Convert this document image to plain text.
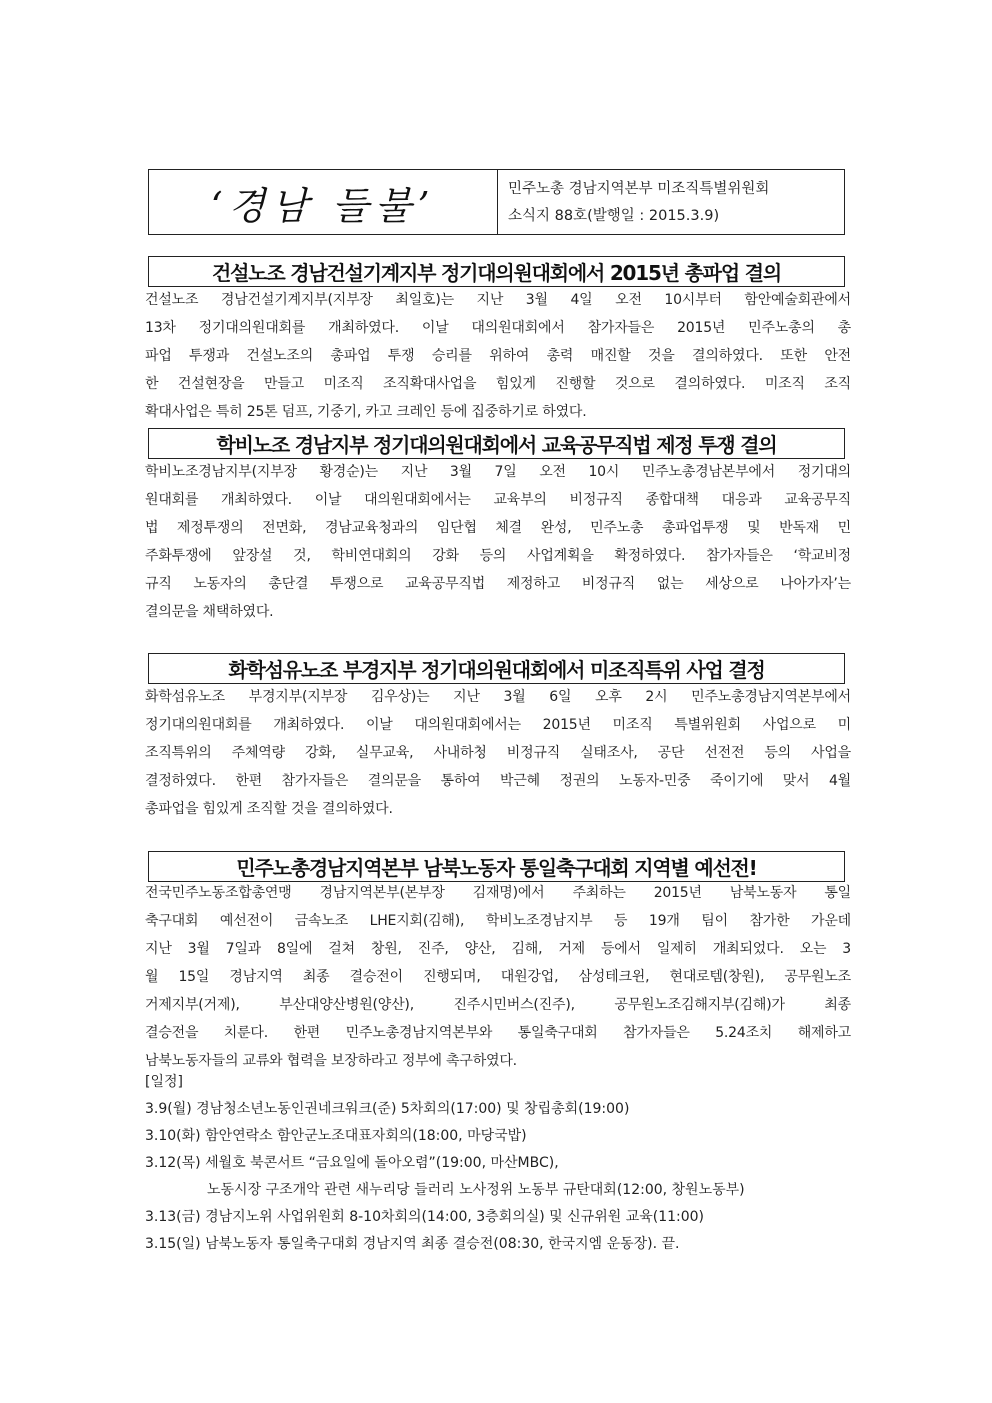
‘경남 들불’	민주노총 경남지역본부 미조직특별위원회
소식지 88호(발행일 : 2015.3.9)
건설노조 경남건설기계지부 정기대의원대회에서 2015년 총파업 결의
건설노조 경남건설기계지부(지부장 최일호)는 지난 3월 4일 오전 10시부터 함안예술회관에서
13차 정기대의원대회를 개최하였다. 이날 대의원대회에서 참가자들은 2015년 민주노총의 총
파업 투쟁과 건설노조의 총파업 투쟁 승리를 위하여 총력 매진할 것을 결의하였다. 또한 안전
한 건설현장을 만들고 미조직 조직확대사업을 힘있게 진행할 것으로 결의하였다. 미조직 조직
확대사업은 특히 25톤 덤프, 기중기, 카고 크레인 등에 집중하기로 하였다.
학비노조 경남지부 정기대의원대회에서 교육공무직법 제정 투쟁 결의
학비노조경남지부(지부장 황경순)는 지난 3월 7일 오전 10시 민주노총경남본부에서 정기대의
원대회를 개최하였다. 이날 대의원대회에서는 교육부의 비정규직 종합대책 대응과 교육공무직
법 제정투쟁의 전면화, 경남교육청과의 임단협 체결 완성, 민주노총 총파업투쟁 및 반독재 민
주화투쟁에 앞장설 것, 학비연대회의 강화 등의 사업계획을 확정하였다. 참가자들은 ‘학교비정
규직 노동자의 총단결 투쟁으로 교육공무직법 제정하고 비정규직 없는 세상으로 나아가자’는
결의문을 채택하였다.
화학섬유노조 부경지부 정기대의원대회에서 미조직특위 사업 결정
화학섬유노조 부경지부(지부장 김우상)는 지난 3월 6일 오후 2시 민주노총경남지역본부에서
정기대의원대회를 개최하였다. 이날 대의원대회에서는 2015년 미조직 특별위원회 사업으로 미
조직특위의 주체역량 강화, 실무교육, 사내하청 비정규직 실태조사, 공단 선전전 등의 사업을
결정하였다. 한편 참가자들은 결의문을 통하여 박근혜 정권의 노동자-민중 죽이기에 맞서 4월
총파업을 힘있게 조직할 것을 결의하였다.
민주노총경남지역본부 남북노동자 통일축구대회 지역별 예선전!
전국민주노동조합총연맹 경남지역본부(본부장 김재명)에서 주최하는 2015년 남북노동자 통일
축구대회 예선전이 금속노조 LHE지회(김해), 학비노조경남지부 등 19개 팀이 참가한 가운데
지난 3월 7일과 8일에 걸쳐 창원, 진주, 양산, 김해, 거제 등에서 일제히 개최되었다. 오는 3
월 15일 경남지역 최종 결승전이 진행되며, 대원강업, 삼성테크윈, 현대로템(창원), 공무원노조
거제지부(거제), 부산대양산병원(양산), 진주시민버스(진주), 공무원노조김해지부(김해)가 최종
결승전을 치룬다. 한편 민주노총경남지역본부와 통일축구대회 참가자들은 5.24조치 해제하고
남북노동자들의 교류와 협력을 보장하라고 정부에 촉구하였다.
[일정]
3.9(월) 경남청소년노동인권네크워크(준) 5차회의(17:00) 및 창립총회(19:00)
3.10(화) 함안연락소 함안군노조대표자회의(18:00, 마당국밥)
3.12(목) 세월호 북콘서트 “금요일에 돌아오렴”(19:00, 마산MBC),
노동시장 구조개악 관련 새누리당 들러리 노사정위 노동부 규탄대회(12:00, 창원노동부)
3.13(금) 경남지노위 사업위원회 8-10차회의(14:00, 3층회의실) 및 신규위원 교육(11:00)
3.15(일) 남북노동자 통일축구대회 경남지역 최종 결승전(08:30, 한국지엠 운동장). 끝.
